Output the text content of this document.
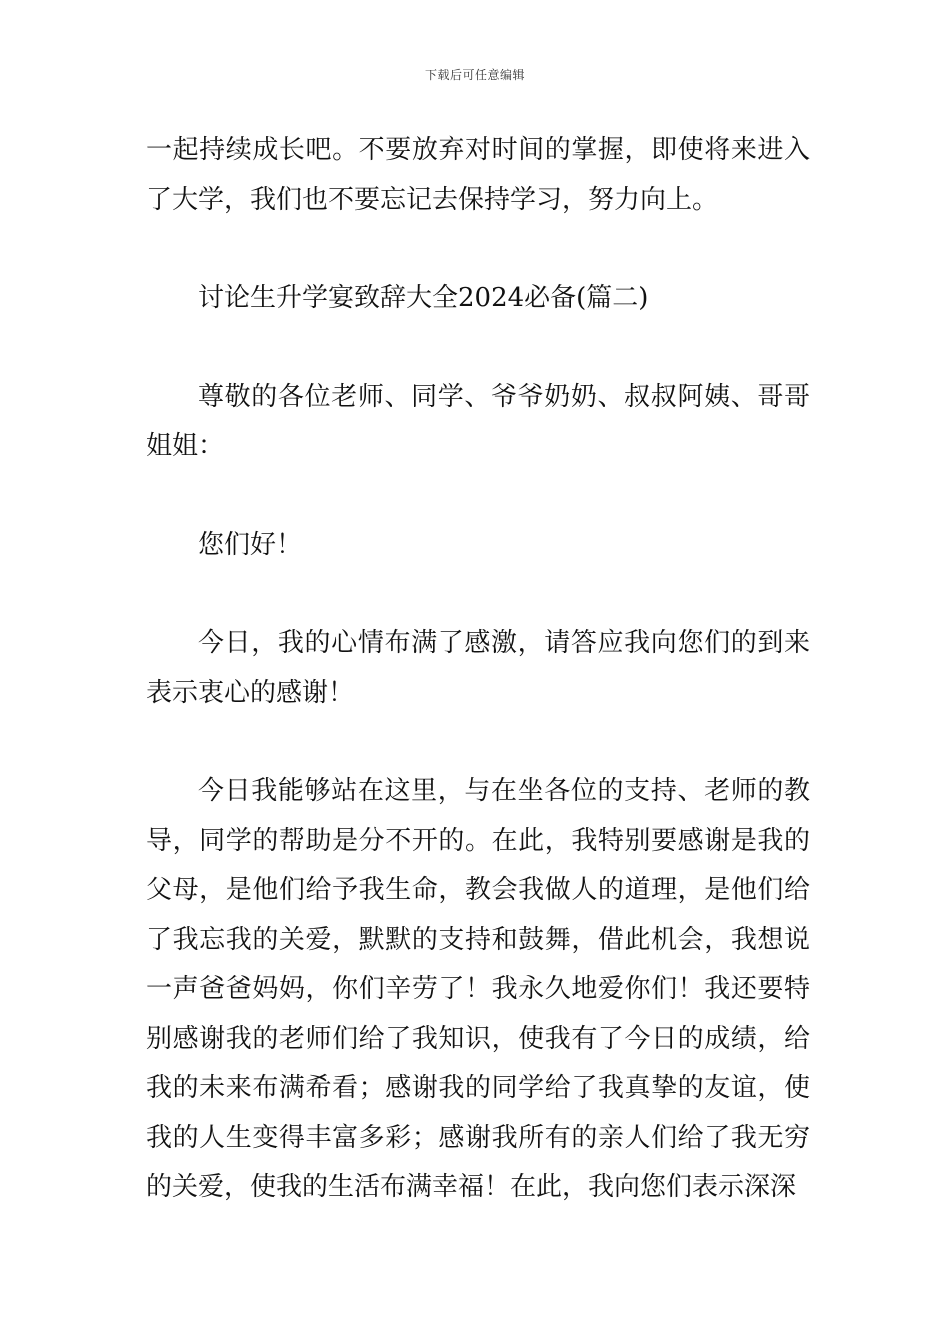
下载后可任意编辑

一起持续成长吧。不要放弃对时间的掌握，即使将来进入了大学，我们也不要忘记去保持学习，努力向上。

讨论生升学宴致辞大全2024必备(篇二)

尊敬的各位老师、同学、爷爷奶奶、叔叔阿姨、哥哥姐姐：

您们好！

今日，我的心情布满了感激，请答应我向您们的到来表示衷心的感谢！

今日我能够站在这里，与在坐各位的支持、老师的教导，同学的帮助是分不开的。在此，我特别要感谢是我的父母，是他们给予我生命，教会我做人的道理，是他们给了我忘我的关爱，默默的支持和鼓舞，借此机会，我想说一声爸爸妈妈，你们辛劳了！我永久地爱你们！我还要特别感谢我的老师们给了我知识，使我有了今日的成绩，给我的未来布满希看；感谢我的同学给了我真挚的友谊，使我的人生变得丰富多彩；感谢我所有的亲人们给了我无穷的关爱，使我的生活布满幸福！在此，我向您们表示深深
